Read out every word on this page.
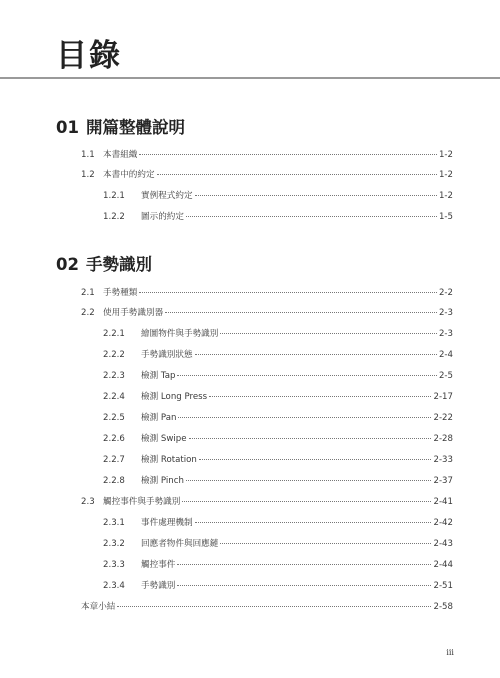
目錄
01 開篇整體說明
1.1 本書組織	1-2
1.2 本書中的約定	1-2
1.2.1	實例程式約定	1-2
1.2.2	圖示的約定	1-5
02 手勢識別
2.1 手勢種類	2-2
2.2 使用手勢識別器	2-3
2.2.1	繪圖物件與手勢識別	2-3
2.2.2	手勢識別狀態	2-4
2.2.3	檢測 Tap	2-5
2.2.4	檢測 Long Press	2-17
2.2.5	檢測 Pan	2-22
2.2.6	檢測 Swipe	2-28
2.2.7	檢測 Rotation	2-33
2.2.8	檢測 Pinch	2-37
2.3 觸控事件與手勢識別	2-41
2.3.1	事件處理機制	2-42
2.3.2	回應者物件與回應鏈	2-43
2.3.3	觸控事件	2-44
2.3.4	手勢識別	2-51
本章小結	2-58
iii
